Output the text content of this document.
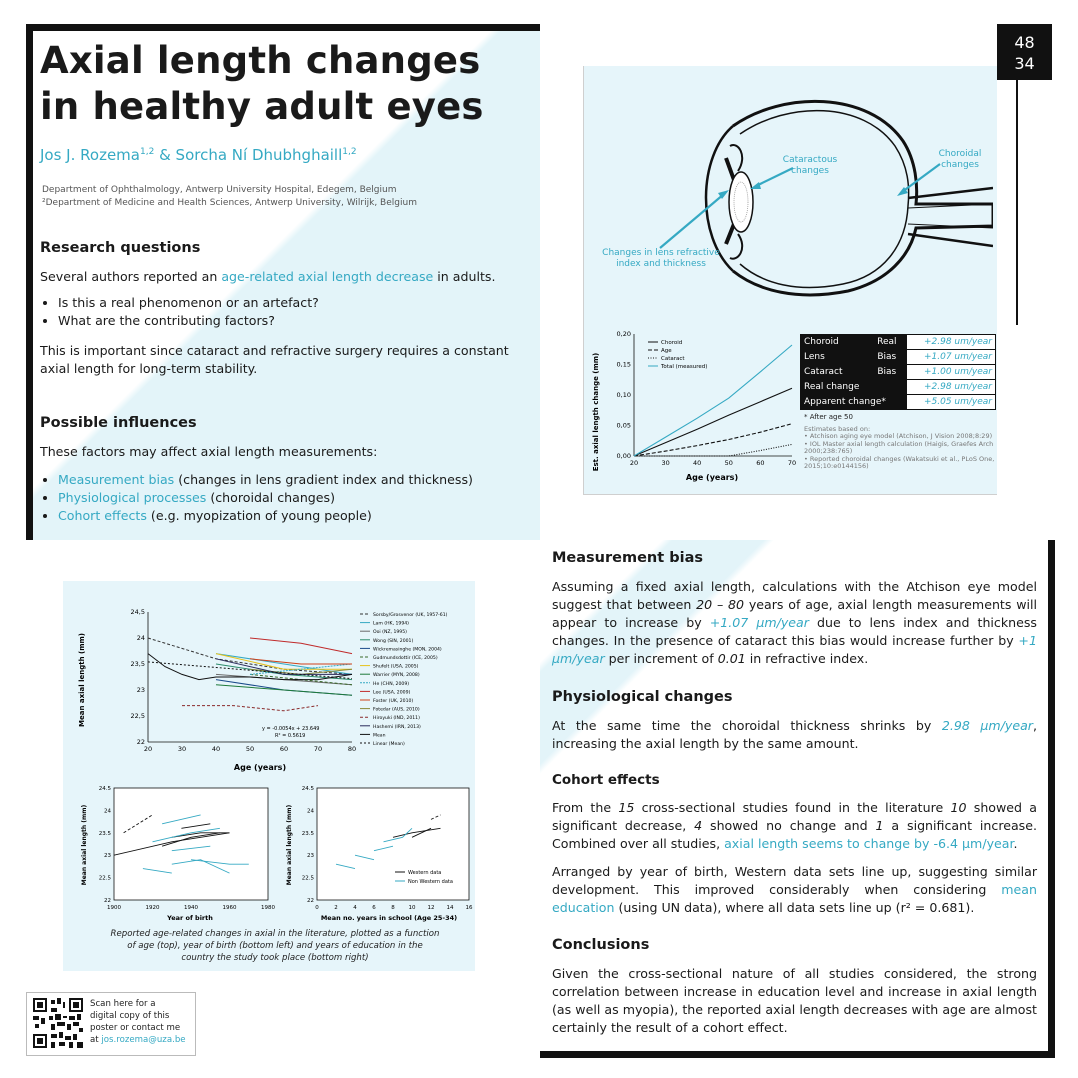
Axial length changes
in healthy adult eyes
Jos J. Rozema$^{1,2}$ & Sorcha Ní Dhubhghaill$^{1,2}$
Department of Ophthalmology, Antwerp University Hospital, Edegem, Belgium
²Department of Medicine and Health Sciences, Antwerp University, Wilrijk, Belgium
Research questions
Several authors reported an age-related axial length decrease in adults.
• Is this a real phenomenon or an artefact?
• What are the contributing factors?
This is important since cataract and refractive surgery requires a constant axial length for long-term stability.
Possible influences
These factors may affect axial length measurements:
• Measurement bias (changes in lens gradient index and thickness)
• Physiological processes (choroidal changes)
• Cohort effects (e.g. myopization of young people)
48
34
Cataractous changes
Choroidal changes
Changes in lens refractive index and thickness
20	30	40	50	60	70
0,00
0,05
0,10
0,15
0,20
Choroid
Age
Cataract
Total (measured)
Est. axial length change (mm)
Age (years)
Choroid	Real	+2.98 um/year
Lens	Bias	+1.07 um/year
Cataract	Bias	+1.00 um/year
Real change		+2.98 um/year
Apparent change*		+5.05 um/year
* After age 50
Estimates based on:
• Atchison aging eye model (Atchison, J Vision 2008;8:29)
• IOL Master axial length calculation (Haigis, Graefes Arch 2000;238:765)
• Reported choroidal changes (Wakatsuki et al., PLoS One, 2015;10:e0144156)
Measurement bias
Assuming a fixed axial length, calculations with the Atchison eye model suggest that between 20 – 80 years of age, axial length measurements will appear to increase by +1.07 µm/year due to lens index and thickness changes. In the presence of cataract this bias would increase further by +1 µm/year per increment of 0.01 in refractive index.
Physiological changes
At the same time the choroidal thickness shrinks by 2.98 µm/year, increasing the axial length by the same amount.
Cohort effects
From the 15 cross-sectional studies found in the literature 10 showed a significant decrease, 4 showed no change and 1 a significant increase. Combined over all studies, axial length seems to change by -6.4 µm/year.
Arranged by year of birth, Western data sets line up, suggesting similar development. This improved considerably when considering mean education (using UN data), where all data sets line up (r² = 0.681).
Conclusions
Given the cross-sectional nature of all studies considered, the strong correlation between increase in education level and increase in axial length (as well as myopia), the reported axial length decreases with age are almost certainly the result of a cohort effect.
20	30	40	50	60	70	80
22
22,5
23
23,5
24
24,5	Sorsby/Grosvenor (UK, 1957-61)
Lam (HK, 1994)
Ooi (NZ, 1995)
Wong (SIN, 2001)
Wickremasinghe (MON, 2004)
Gudmundsdottir (ICE, 2005)
Shufelt (USA, 2005)
Warrier (MYN, 2008)
He (CHN, 2009)
Lee (USA, 2009)
Foster (UK, 2010)
Fotedar (AUS, 2010)
Hiroyuki (IND, 2011)
Hashemi (IRN, 2013)
Mean
Linear (Mean)
Mean axial length (mm)
Age (years)
y = -0.0054x + 23.649
R² = 0.5619
1900	1920	1940	1960	1980
22
22.5
23
23.5
24
24.5
Mean axial length (mm)
Year of birth
0	2	4	6	8	10 12 14 16
22
22.5
23
23.5
24
24.5
Western data
Non Western data
Mean axial length (mm)
Mean no. years in school (Age 25-34)
Reported age-related changes in axial in the literature, plotted as a function of age (top), year of birth (bottom left) and years of education in the country the study took place (bottom right)
Scan here for a
digital copy of this
poster or contact me
at jos.rozema@uza.be
